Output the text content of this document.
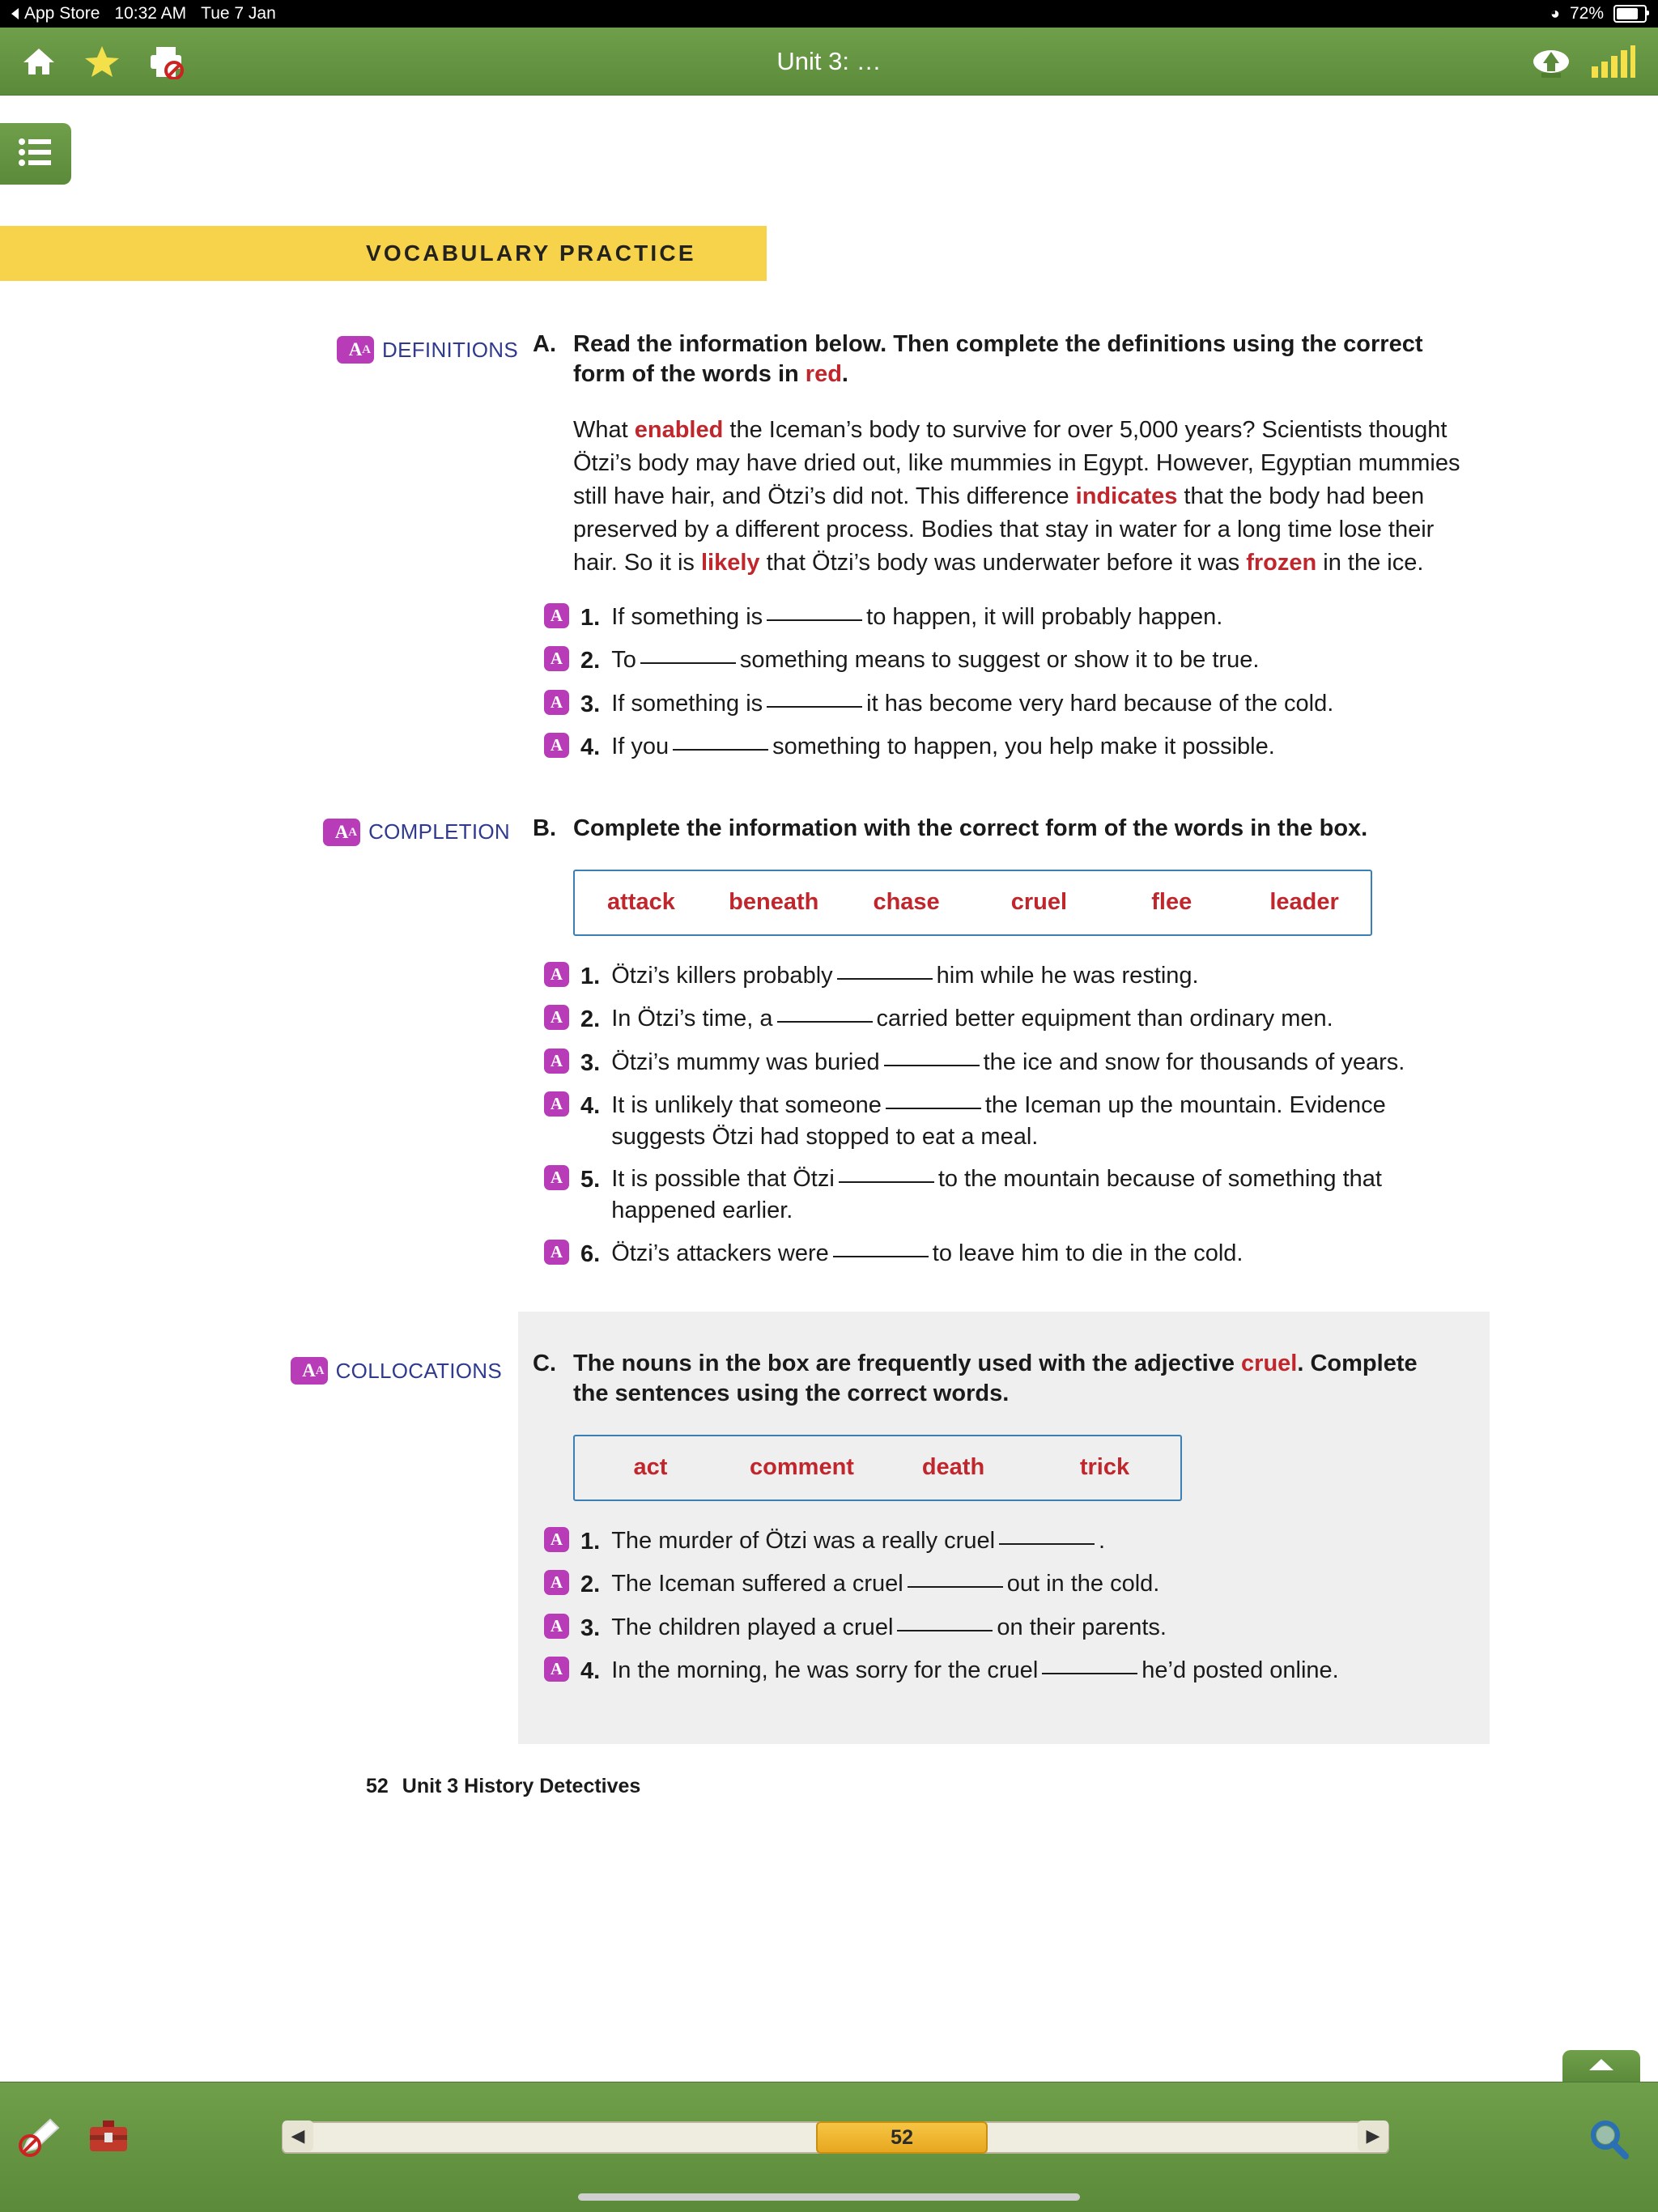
App Store 10:32 AM Tue 7 Jan	◕ 72%
Unit 3: …
VOCABULARY PRACTICE
A A DEFINITIONS A. Read the information below. Then complete the definitions using the correct form of the words in red.
What enabled the Iceman’s body to survive for over 5,000 years? Scientists thought Ötzi’s body may have dried out, like mummies in Egypt. However, Egyptian mummies still have hair, and Ötzi’s did not. This difference indicates that the body had been preserved by a different process. Bodies that stay in water for a long time lose their hair. So it is likely that Ötzi’s body was underwater before it was frozen in the ice.
A 1. If something is	to happen, it will probably happen.
A 2. To	something means to suggest or show it to be true.
A 3. If something is	it has become very hard because of the cold.
A 4. If you	something to happen, you help make it possible.
A A COMPLETION B. Complete the information with the correct form of the words in the box.
attack	beneath	chase	cruel	flee	leader
A 1. Ötzi’s killers probably	him while he was resting.
A 2. In Ötzi’s time, a	carried better equipment than ordinary men.
A 3. Ötzi’s mummy was buried	the ice and snow for thousands of years.
A 4. It is unlikely that someone	the Iceman up the mountain. Evidence suggests Ötzi had stopped to eat a meal.
A 5. It is possible that Ötzi	to the mountain because of something that happened earlier.
A 6. Ötzi’s attackers were	to leave him to die in the cold.
A A COLLOCATIONS C. The nouns in the box are frequently used with the adjective cruel. Complete the sentences using the correct words.
act	comment	death	trick
A 1. The murder of Ötzi was a really cruel	.
A 2. The Iceman suffered a cruel	out in the cold.
A 3. The children played a cruel	on their parents.
A 4. In the morning, he was sorry for the cruel	he’d posted online.
52 Unit 3 History Detectives
◀	52	▶
